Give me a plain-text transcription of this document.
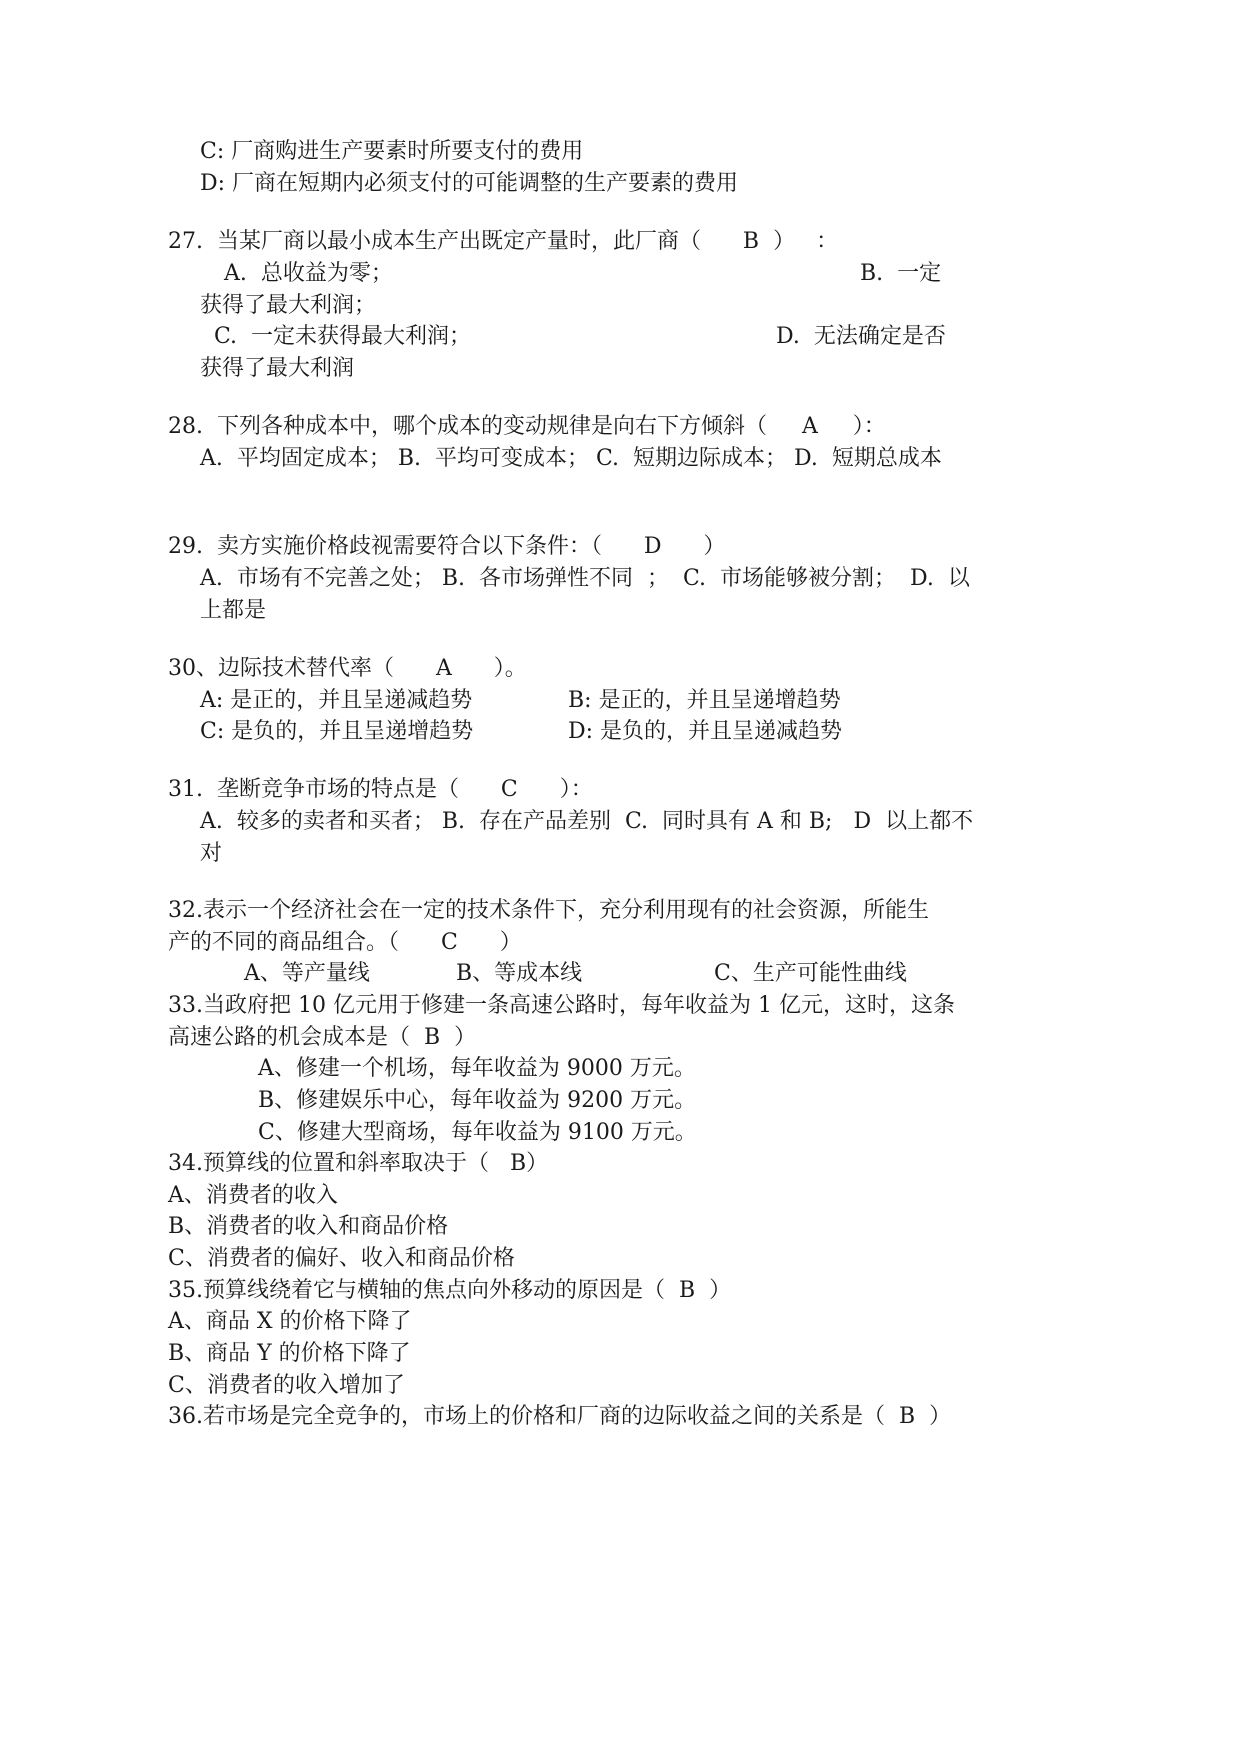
C: 厂商购进生产要素时所要支付的费用
D: 厂商在短期内必须支付的可能调整的生产要素的费用
27.  当某厂商以最小成本生产出既定产量时，此厂商（      B  ）   ：
A.  总收益为零；	B.  一定
获得了最大利润；
C.  一定未获得最大利润；	D.  无法确定是否
获得了最大利润
28.  下列各种成本中，哪个成本的变动规律是向右下方倾斜（     A     ）：
A.  平均固定成本； B.  平均可变成本； C.  短期边际成本； D.  短期总成本
29.  卖方实施价格歧视需要符合以下条件：（      D      ）
A.  市场有不完善之处； B.  各市场弹性不同  ；  C.  市场能够被分割；  D.  以
上都是
30、边际技术替代率（      A      ）。
A: 是正的，并且呈递减趋势	B: 是正的，并且呈递增趋势
C: 是负的，并且呈递增趋势	D: 是负的，并且呈递减趋势
31.  垄断竞争市场的特点是（      C      ）：
A.  较多的卖者和买者； B.  存在产品差别  C.  同时具有 A 和 B;   D  以上都不
对
32.表示一个经济社会在一定的技术条件下，充分利用现有的社会资源，所能生
产的不同的商品组合。（      C      ）
A、等产量线	B、等成本线	C、生产可能性曲线
33.当政府把 10 亿元用于修建一条高速公路时，每年收益为 1 亿元，这时，这条
高速公路的机会成本是（  B  ）
A、修建一个机场，每年收益为 9000 万元。
B、修建娱乐中心，每年收益为 9200 万元。
C、修建大型商场，每年收益为 9100 万元。
34.预算线的位置和斜率取决于（   B）
A、消费者的收入
B、消费者的收入和商品价格
C、消费者的偏好、收入和商品价格
35.预算线绕着它与横轴的焦点向外移动的原因是（  B  ）
A、商品 X 的价格下降了
B、商品 Y 的价格下降了
C、消费者的收入增加了
36.若市场是完全竞争的，市场上的价格和厂商的边际收益之间的关系是（  B  ）
